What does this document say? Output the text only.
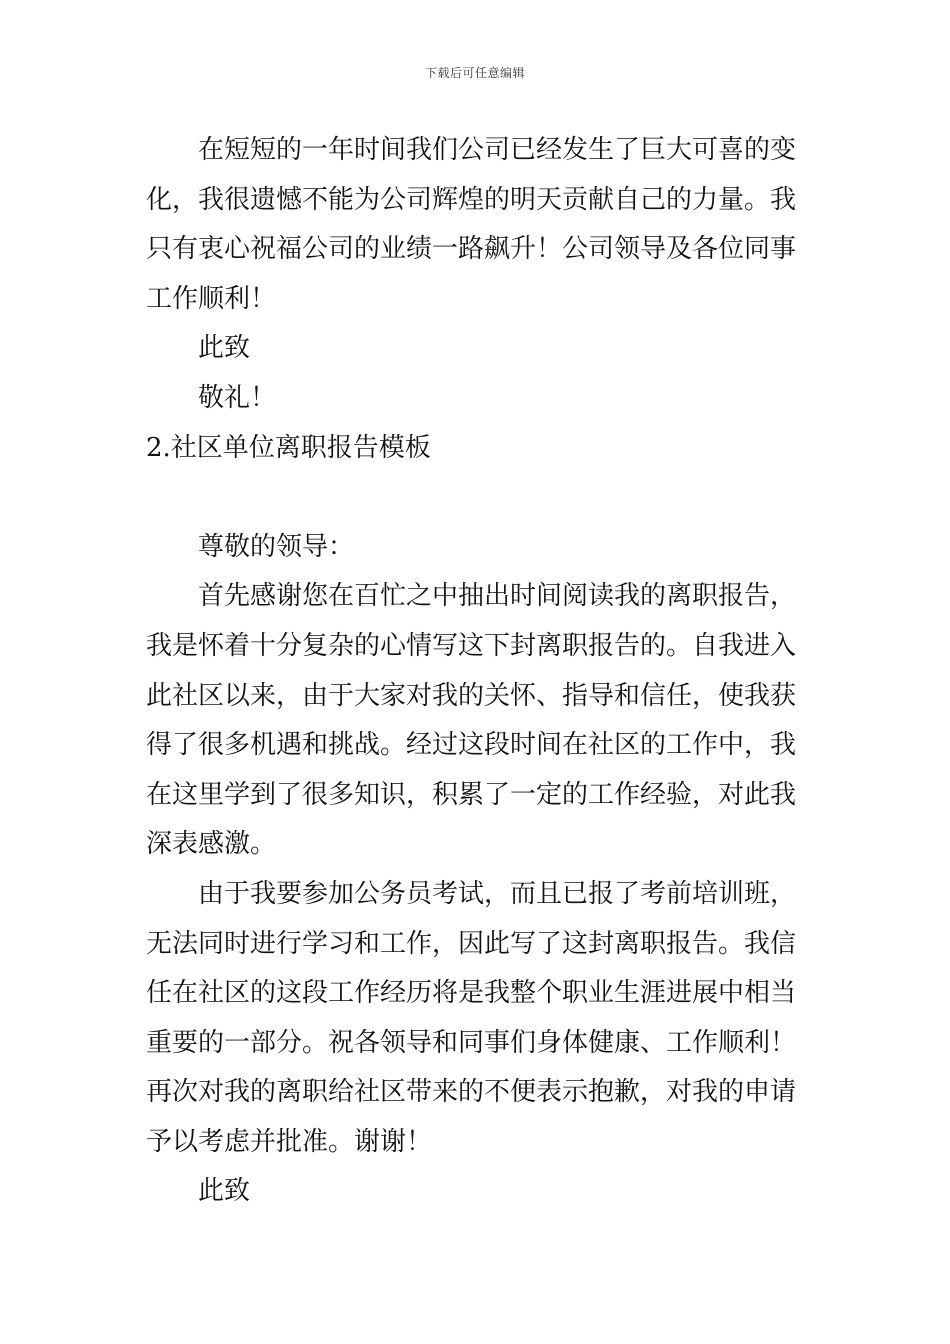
下载后可任意编辑
在短短的一年时间我们公司已经发生了巨大可喜的变
化，我很遗憾不能为公司辉煌的明天贡献自己的力量。我
只有衷心祝福公司的业绩一路飙升！公司领导及各位同事
工作顺利！
此致
敬礼！
2.社区单位离职报告模板
尊敬的领导：
首先感谢您在百忙之中抽出时间阅读我的离职报告，
我是怀着十分复杂的心情写这下封离职报告的。自我进入
此社区以来，由于大家对我的关怀、指导和信任，使我获
得了很多机遇和挑战。经过这段时间在社区的工作中，我
在这里学到了很多知识，积累了一定的工作经验，对此我
深表感激。
由于我要参加公务员考试，而且已报了考前培训班，
无法同时进行学习和工作，因此写了这封离职报告。我信
任在社区的这段工作经历将是我整个职业生涯进展中相当
重要的一部分。祝各领导和同事们身体健康、工作顺利！
再次对我的离职给社区带来的不便表示抱歉，对我的申请
予以考虑并批准。谢谢！
此致
